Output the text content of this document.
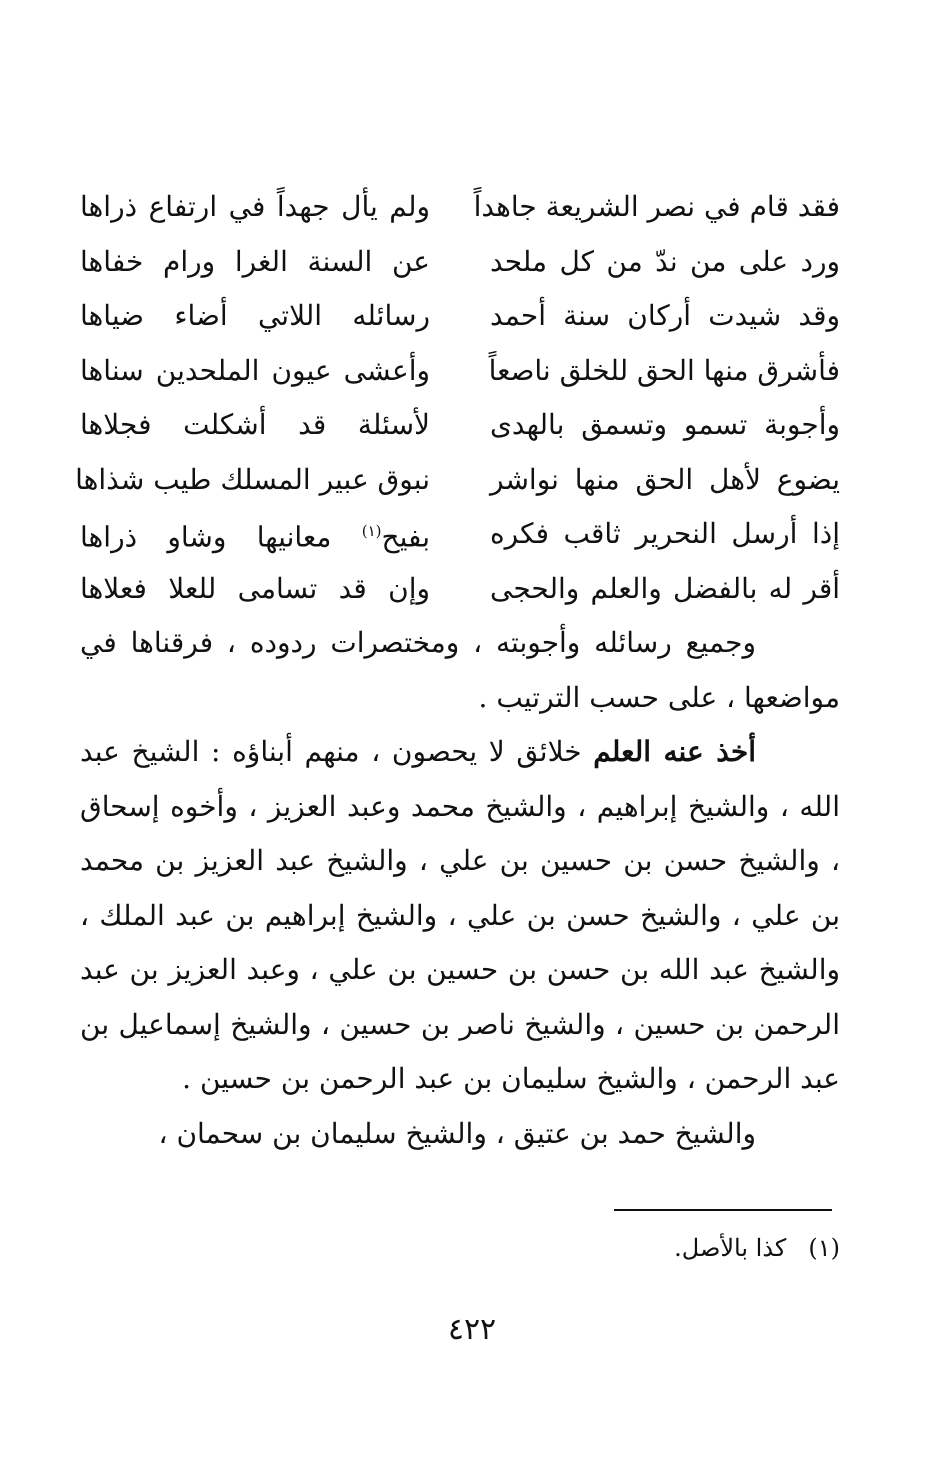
فقد قام في نصر الشريعة جاهداً
ولم يأل جهداً في ارتفاع ذراها
ورد على من ندّ من كل ملحد
عن السنة الغرا ورام خفاها
وقد شيدت أركان سنة أحمد
رسائله اللاتي أضاء ضياها
فأشرق منها الحق للخلق ناصعاً
وأعشى عيون الملحدين سناها
وأجوبة تسمو وتسمق بالهدى
لأسئلة قد أشكلت فجلاها
يضوع لأهل الحق منها نواشر
نبوق عبير المسلك طيب شذاها
إذا أرسل النحرير ثاقب فكره
بفيح$^{(١)}$ معانيها وشاو ذراها
أقر له بالفضل والعلم والحجى
وإن قد تسامى للعلا فعلاها

وجميع رسائله وأجوبته ، ومختصرات ردوده ، فرقناها في مواضعها ، على حسب الترتيب .

أخذ عنه العلم خلائق لا يحصون ، منهم أبناؤه : الشيخ عبد الله ، والشيخ إبراهيم ، والشيخ محمد وعبد العزيز ، وأخوه إسحاق ، والشيخ حسن بن حسين بن علي ، والشيخ عبد العزيز بن محمد بن علي ، والشيخ حسن بن علي ، والشيخ إبراهيم بن عبد الملك ، والشيخ عبد الله بن حسن بن حسين بن علي ، وعبد العزيز بن عبد الرحمن بن حسين ، والشيخ ناصر بن حسين ، والشيخ إسماعيل بن عبد الرحمن ، والشيخ سليمان بن عبد الرحمن بن حسين .

والشيخ حمد بن عتيق ، والشيخ سليمان بن سحمان ،

(١)كذا بالأصل.
٤٢٢
